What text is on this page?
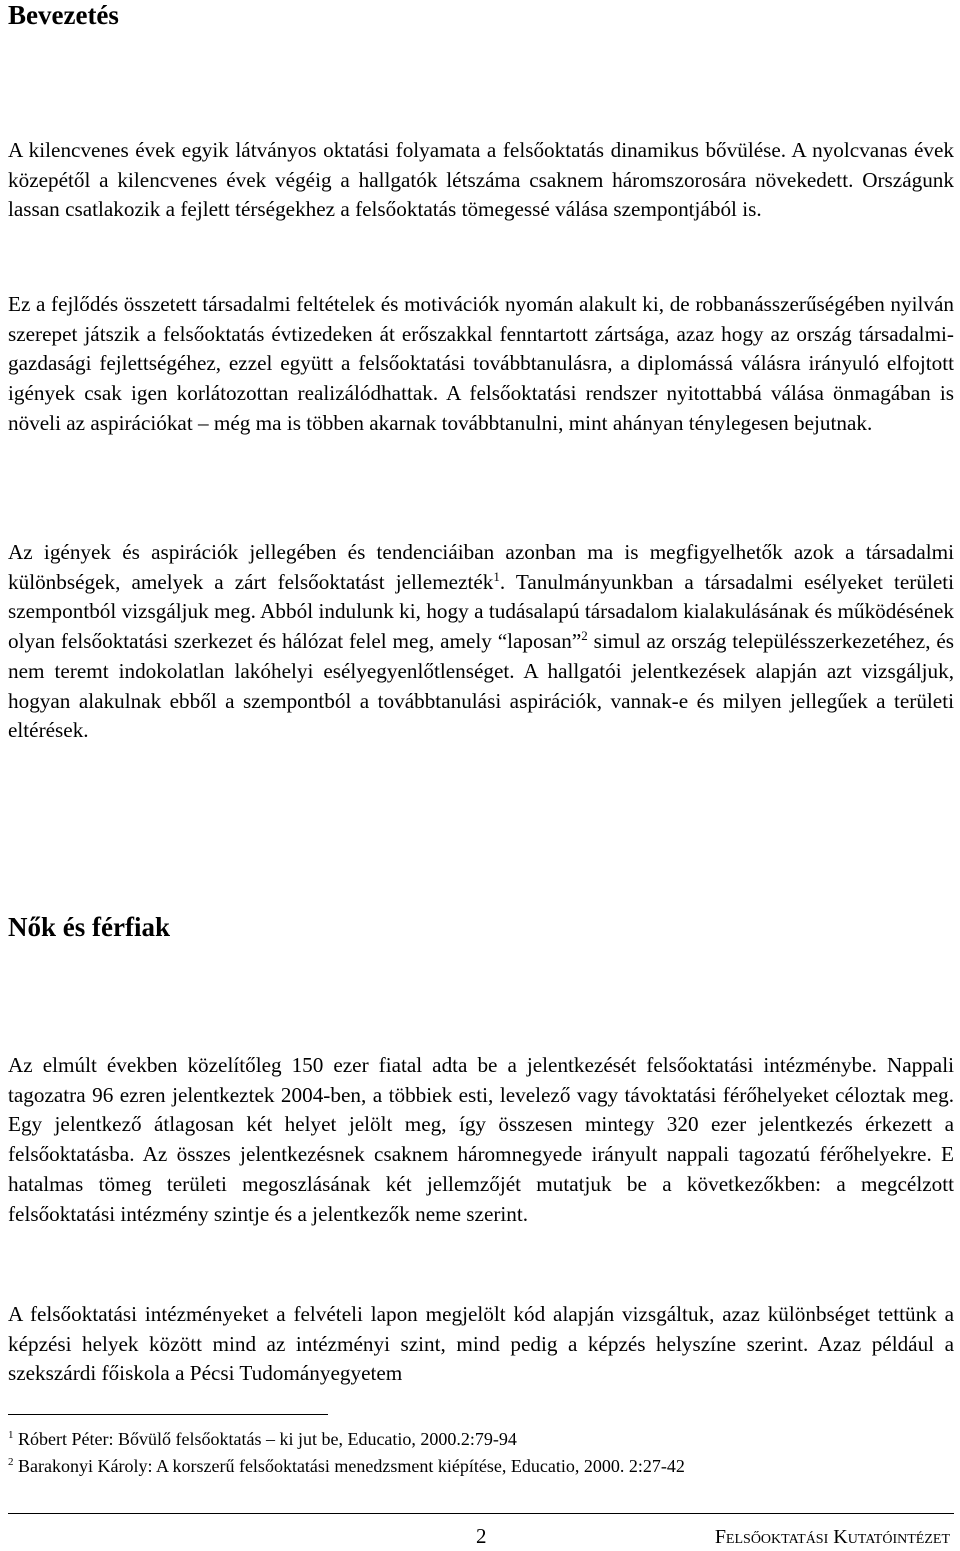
Bevezetés

A kilencvenes évek egyik látványos oktatási folyamata a felsőoktatás dinamikus bővülése. A nyolcvanas évek közepétől a kilencvenes évek végéig a hallgatók létszáma csaknem háromszorosára növekedett. Országunk lassan csatlakozik a fejlett térségekhez a felsőoktatás tömegessé válása szempontjából is.

Ez a fejlődés összetett társadalmi feltételek és motivációk nyomán alakult ki, de robbanásszerűségében nyilván szerepet játszik a felsőoktatás évtizedeken át erőszakkal fenntartott zártsága, azaz hogy az ország társadalmi-gazdasági fejlettségéhez, ezzel együtt a felsőoktatási továbbtanulásra, a diplomássá válásra irányuló elfojtott igények csak igen korlátozottan realizálódhattak. A felsőoktatási rendszer nyitottabbá válása önmagában is növeli az aspirációkat – még ma is többen akarnak továbbtanulni, mint ahányan ténylegesen bejutnak.

Az igények és aspirációk jellegében és tendenciáiban azonban ma is megfigyelhetők azok a társadalmi különbségek, amelyek a zárt felsőoktatást jellemezték$^1$. Tanulmányunkban a társadalmi esélyeket területi szempontból vizsgáljuk meg. Abból indulunk ki, hogy a tudásalapú társadalom kialakulásának és működésének olyan felsőoktatási szerkezet és hálózat felel meg, amely “laposan”$^2$ simul az ország településszerkezetéhez, és nem teremt indokolatlan lakóhelyi esélyegyenlőtlenséget. A hallgatói jelentkezések alapján azt vizsgáljuk, hogyan alakulnak ebből a szempontból a továbbtanulási aspirációk, vannak-e és milyen jellegűek a területi eltérések.

Nők és férfiak

Az elmúlt években közelítőleg 150 ezer fiatal adta be a jelentkezését felsőoktatási intézménybe. Nappali tagozatra 96 ezren jelentkeztek 2004-ben, a többiek esti, levelező vagy távoktatási férőhelyeket céloztak meg. Egy jelentkező átlagosan két helyet jelölt meg, így összesen mintegy 320 ezer jelentkezés érkezett a felsőoktatásba. Az összes jelentkezésnek csaknem háromnegyede irányult nappali tagozatú férőhelyekre. E hatalmas tömeg területi megoszlásának két jellemzőjét mutatjuk be a következőkben: a megcélzott felsőoktatási intézmény szintje és a jelentkezők neme szerint.

A felsőoktatási intézményeket a felvételi lapon megjelölt kód alapján vizsgáltuk, azaz különbséget tettünk a képzési helyek között mind az intézményi szint, mind pedig a képzés helyszíne szerint. Azaz például a szekszárdi főiskola a Pécsi Tudományegyetem

$^1$ Róbert Péter: Bővülő felsőoktatás – ki jut be, Educatio, 2000.2:79-94
$^2$ Barakonyi Károly: A korszerű felsőoktatási menedzsment kiépítése, Educatio, 2000. 2:27-42
2	Felsőoktatási Kutatóintézet
